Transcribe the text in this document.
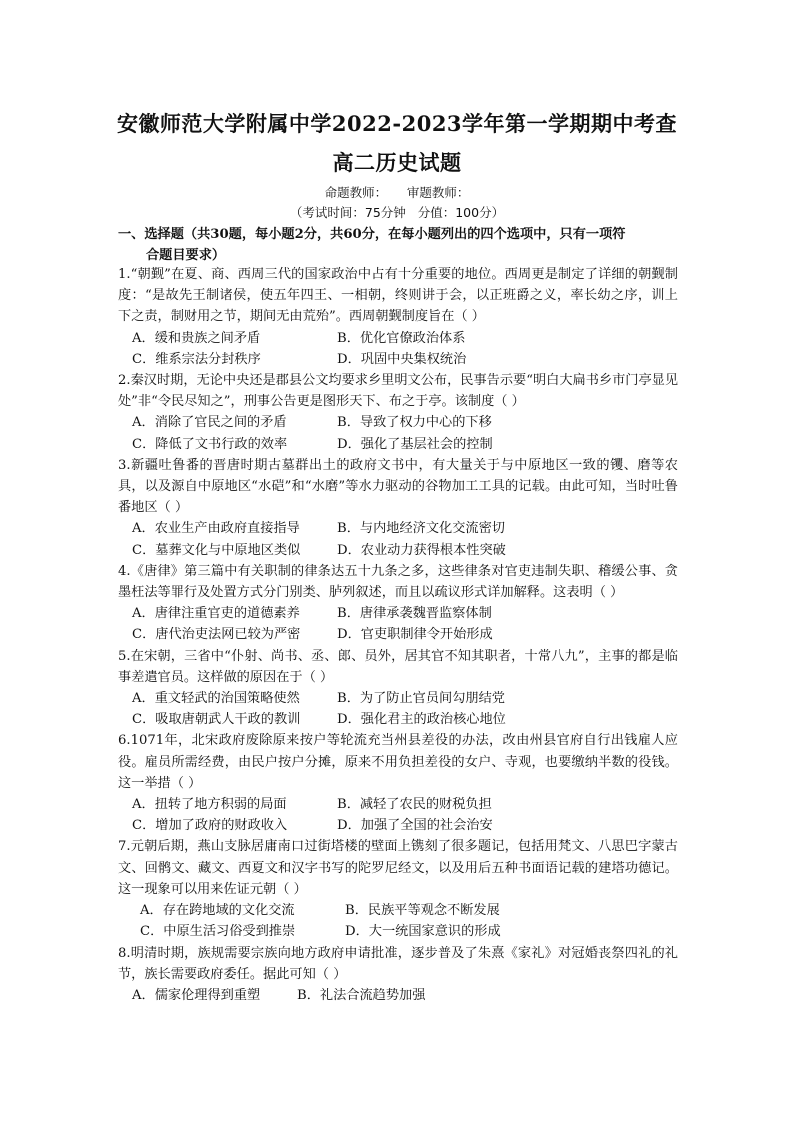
安徽师范大学附属中学2022-2023学年第一学期期中考查
高二历史试题
命题教师：     审题教师：
（考试时间：75分钟   分值：100分）
一、选择题（共30题，每小题2分，共60分，在每小题列出的四个选项中，只有一项符
合题目要求）
1.“朝觐”在夏、商、西周三代的国家政治中占有十分重要的地位。西周更是制定了详细的朝觐制度：“是故先王制诸侯，使五年四王、一相朝，终则讲于会，以正班爵之义，率长幼之序，训上下之责，制财用之节，期间无由荒殆”。西周朝觐制度旨在（ ）
A．缓和贵族之间矛盾	B．优化官僚政治体系
C．维系宗法分封秩序	D．巩固中央集权统治
2.秦汉时期，无论中央还是郡县公文均要求乡里明文公布，民事告示要“明白大扁书乡市门亭显见处”非“令民尽知之”，刑事公告更是图形天下、布之于亭。该制度（ ）
A．消除了官民之间的矛盾	B．导致了权力中心的下移
C．降低了文书行政的效率	D．强化了基层社会的控制
3.新疆吐鲁番的晋唐时期古墓群出土的政府文书中，有大量关于与中原地区一致的䦆、磨等农具，以及源自中原地区“水硙”和“水磨”等水力驱动的谷物加工工具的记载。由此可知，当时吐鲁番地区（ ）
A．农业生产由政府直接指导	B．与内地经济文化交流密切
C．墓葬文化与中原地区类似	D．农业动力获得根本性突破
4.《唐律》第三篇中有关职制的律条达五十九条之多，这些律条对官吏违制失职、稽缓公事、贪墨枉法等罪行及处置方式分门别类、胪列叙述，而且以疏议形式详加解释。这表明（ ）
A．唐律注重官吏的道德素养	B．唐律承袭魏晋监察体制
C．唐代治吏法网已较为严密	D．官吏职制律令开始形成
5.在宋朝，三省中“仆射、尚书、丞、郎、员外，居其官不知其职者，十常八九”，主事的都是临事差遣官员。这样做的原因在于（ ）
A．重文轻武的治国策略使然	B．为了防止官员间勾朋结党
C．吸取唐朝武人干政的教训	D．强化君主的政治核心地位
6.1071年，北宋政府废除原来按户等轮流充当州县差役的办法，改由州县官府自行出钱雇人应役。雇员所需经费，由民户按户分摊，原来不用负担差役的女户、寺观，也要缴纳半数的役钱。这一举措（ ）
A．扭转了地方积弱的局面	B．减轻了农民的财税负担
C．增加了政府的财政收入	D．加强了全国的社会治安
7.元朝后期，燕山支脉居庸南口过街塔楼的壁面上镌刻了很多题记，包括用梵文、八思巴字蒙古文、回鹘文、藏文、西夏文和汉字书写的陀罗尼经文，以及用后五种书面语记载的建塔功德记。这一现象可以用来佐证元朝（ ）
A．存在跨地域的文化交流	B．民族平等观念不断发展
C．中原生活习俗受到推崇	D．大一统国家意识的形成
8.明清时期，族规需要宗族向地方政府申请批准，逐步普及了朱熹《家礼》对冠婚丧祭四礼的礼节，族长需要政府委任。据此可知（ ）
A．儒家伦理得到重塑	B．礼法合流趋势加强
